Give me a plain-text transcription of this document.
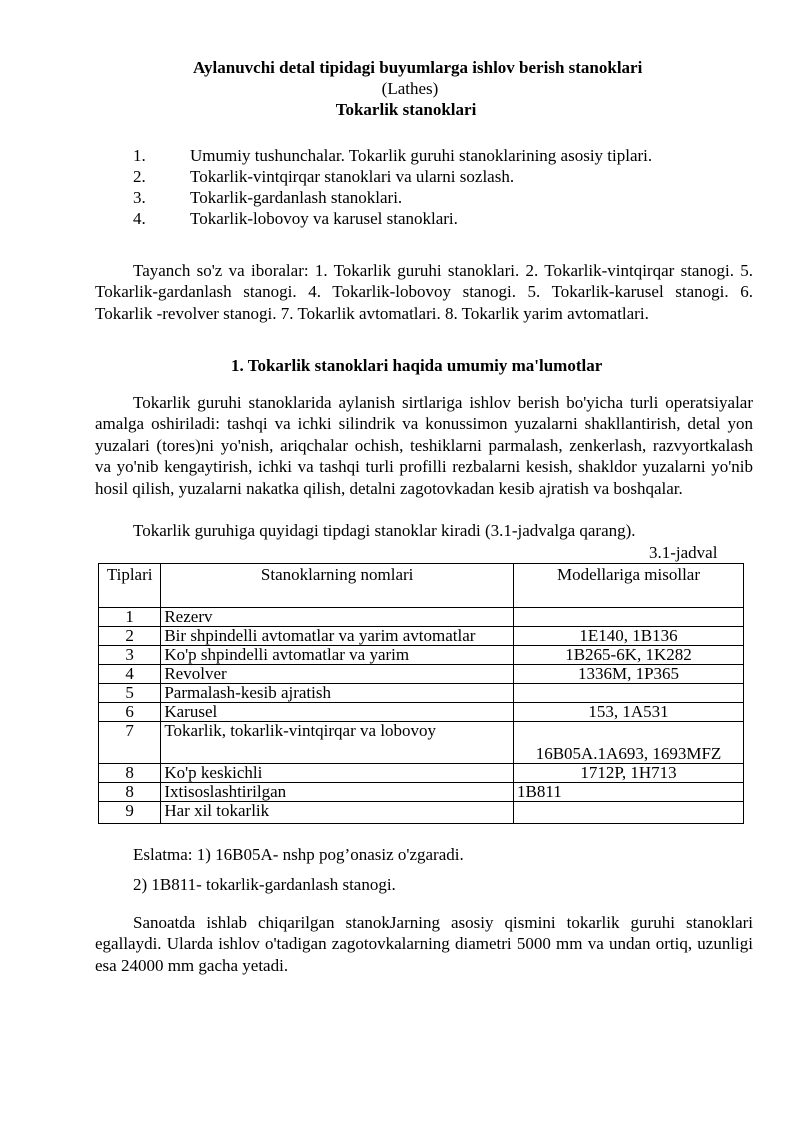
Aylanuvchi detal tipidagi buyumlarga ishlov berish stanoklari
(Lathes)
Tokarlik stanoklari
1.	Umumiy tushunchalar. Tokarlik guruhi stanoklarining asosiy tiplari.
2.	Tokarlik-vintqirqar stanoklari va ularni sozlash.
3.	Tokarlik-gardanlash stanoklari.
4.	Tokarlik-lobovoy va karusel stanoklari.
Tayanch so'z va iboralar: 1. Tokarlik guruhi stanoklari. 2. Tokarlik-vintqirqar stanogi. 5. Tokarlik-gardanlash stanogi. 4. Tokarlik-lobovoy stanogi. 5. Tokarlik-karusel stanogi. 6. Tokarlik -revolver stanogi. 7. Tokarlik avtomatlari. 8. Tokarlik yarim avtomatlari.
1. Tokarlik stanoklari haqida umumiy ma'lumotlar
Tokarlik guruhi stanoklarida aylanish sirtlariga ishlov berish bo'yicha turli operatsiyalar amalga oshiriladi: tashqi va ichki silindrik va konussimon yuzalarni shakllantirish, detal yon yuzalari (tores)ni yo'nish, ariqchalar ochish, teshiklarni parmalash, zenkerlash, razvyortkalash va yo'nib kengaytirish, ichki va tashqi turli profilli rezbalarni kesish, shakldor yuzalarni yo'nib hosil qilish, yuzalarni nakatka qilish, detalni zagotovkadan kesib ajratish va boshqalar.
Tokarlik guruhiga quyidagi tipdagi stanoklar kiradi (3.1-jadvalga qarang).
3.1-jadval
Tiplari	Stanoklarning nomlari	Modellariga misollar
1	Rezerv	
2	Bir shpindelli avtomatlar va yarim avtomatlar	1E140, 1B136
3	Ko'p shpindelli avtomatlar va yarim	1B265-6K, 1K282
4	Revolver	1336M, 1P365
5	Parmalash-kesib ajratish	
6	Karusel	153, 1A531
7	Tokarlik, tokarlik-vintqirqar va lobovoy	16B05A.1A693, 1693MFZ
8	Ko'p keskichli	1712P, 1H713
8	Ixtisoslashtirilgan	1B811
9	Har xil tokarlik	
Eslatma: 1) 16B05A- nshp pog’onasiz o'zgaradi.
2) 1B811- tokarlik-gardanlash stanogi.
Sanoatda ishlab chiqarilgan stanokJarning asosiy qismini tokarlik guruhi stanoklari egallaydi. Ularda ishlov o'tadigan zagotovkalarning diametri 5000 mm va undan ortiq, uzunligi esa 24000 mm gacha yetadi.
